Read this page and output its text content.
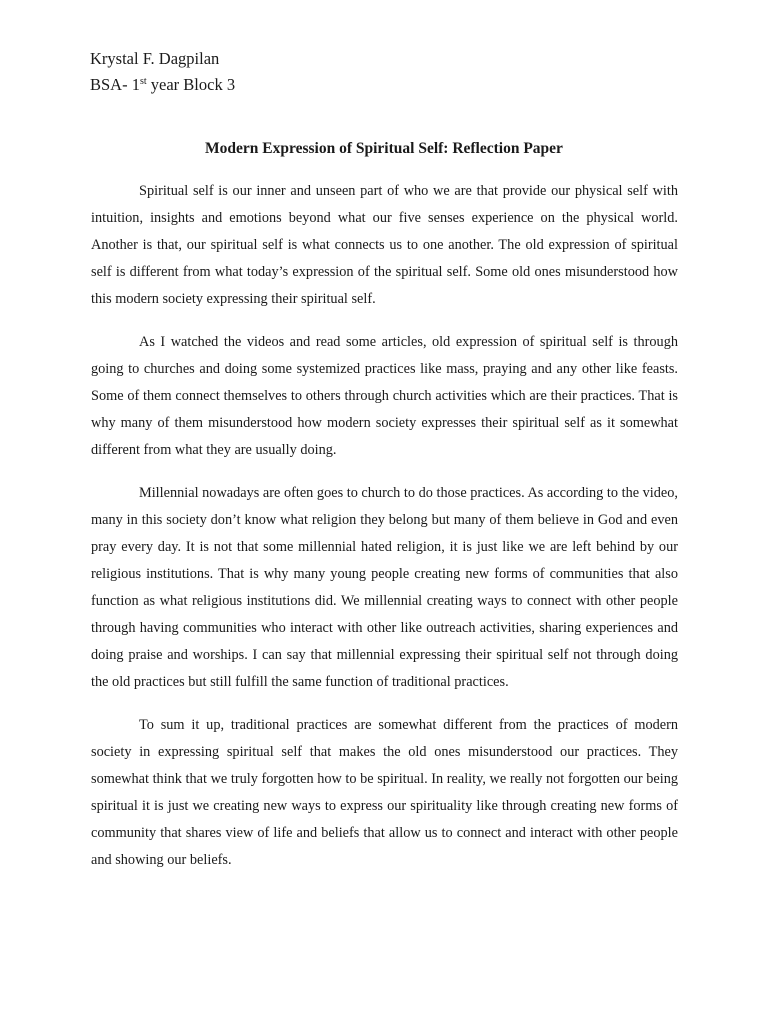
Krystal F. Dagpilan
BSA- 1st year Block 3
Modern Expression of Spiritual Self: Reflection Paper

Spiritual self is our inner and unseen part of who we are that provide our physical self with intuition, insights and emotions beyond what our five senses experience on the physical world. Another is that, our spiritual self is what connects us to one another. The old expression of spiritual self is different from what today’s expression of the spiritual self. Some old ones misunderstood how this modern society expressing their spiritual self.

As I watched the videos and read some articles, old expression of spiritual self is through going to churches and doing some systemized practices like mass, praying and any other like feasts. Some of them connect themselves to others through church activities which are their practices. That is why many of them misunderstood how modern society expresses their spiritual self as it somewhat different from what they are usually doing.

Millennial nowadays are often goes to church to do those practices. As according to the video, many in this society don’t know what religion they belong but many of them believe in God and even pray every day. It is not that some millennial hated religion, it is just like we are left behind by our religious institutions. That is why many young people creating new forms of communities that also function as what religious institutions did. We millennial creating ways to connect with other people through having communities who interact with other like outreach activities, sharing experiences and doing praise and worships. I can say that millennial expressing their spiritual self not through doing the old practices but still fulfill the same function of traditional practices.

To sum it up, traditional practices are somewhat different from the practices of modern society in expressing spiritual self that makes the old ones misunderstood our practices. They somewhat think that we truly forgotten how to be spiritual. In reality, we really not forgotten our being spiritual it is just we creating new ways to express our spirituality like through creating new forms of community that shares view of life and beliefs that allow us to connect and interact with other people and showing our beliefs.
